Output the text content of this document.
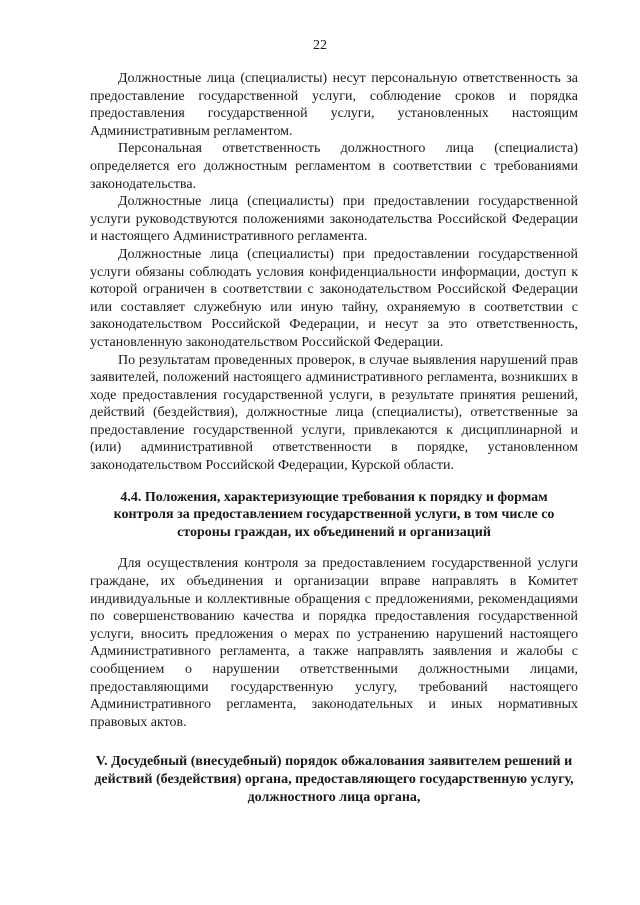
22

Должностные лица (специалисты) несут персональную ответственность за предоставление государственной услуги, соблюдение сроков и порядка предоставления государственной услуги, установленных настоящим Административным регламентом.

Персональная ответственность должностного лица (специалиста) определяется его должностным регламентом в соответствии с требованиями законодательства.

Должностные лица (специалисты) при предоставлении государственной услуги руководствуются положениями законодательства Российской Федерации и настоящего Административного регламента.

Должностные лица (специалисты) при предоставлении государственной услуги обязаны соблюдать условия конфиденциальности информации, доступ к которой ограничен в соответствии с законодательством Российской Федерации или составляет служебную или иную тайну, охраняемую в соответствии с законодательством Российской Федерации, и несут за это ответственность, установленную законодательством Российской Федерации.

По результатам проведенных проверок, в случае выявления нарушений прав заявителей, положений настоящего административного регламента, возникших в ходе предоставления государственной услуги, в результате принятия решений, действий (бездействия), должностные лица (специалисты), ответственные за предоставление государственной услуги, привлекаются к дисциплинарной и (или) административной ответственности в порядке, установленном законодательством Российской Федерации, Курской области.

4.4. Положения, характеризующие требования к порядку и формам контроля за предоставлением государственной услуги, в том числе со стороны граждан, их объединений и организаций

Для осуществления контроля за предоставлением государственной услуги граждане, их объединения и организации вправе направлять в Комитет индивидуальные и коллективные обращения с предложениями, рекомендациями по совершенствованию качества и порядка предоставления государственной услуги, вносить предложения о мерах по устранению нарушений настоящего Административного регламента, а также направлять заявления и жалобы с сообщением о нарушении ответственными должностными лицами, предоставляющими государственную услугу, требований настоящего Административного регламента, законодательных и иных нормативных правовых актов.

V. Досудебный (внесудебный) порядок обжалования заявителем решений и действий (бездействия) органа, предоставляющего государственную услугу, должностного лица органа,
